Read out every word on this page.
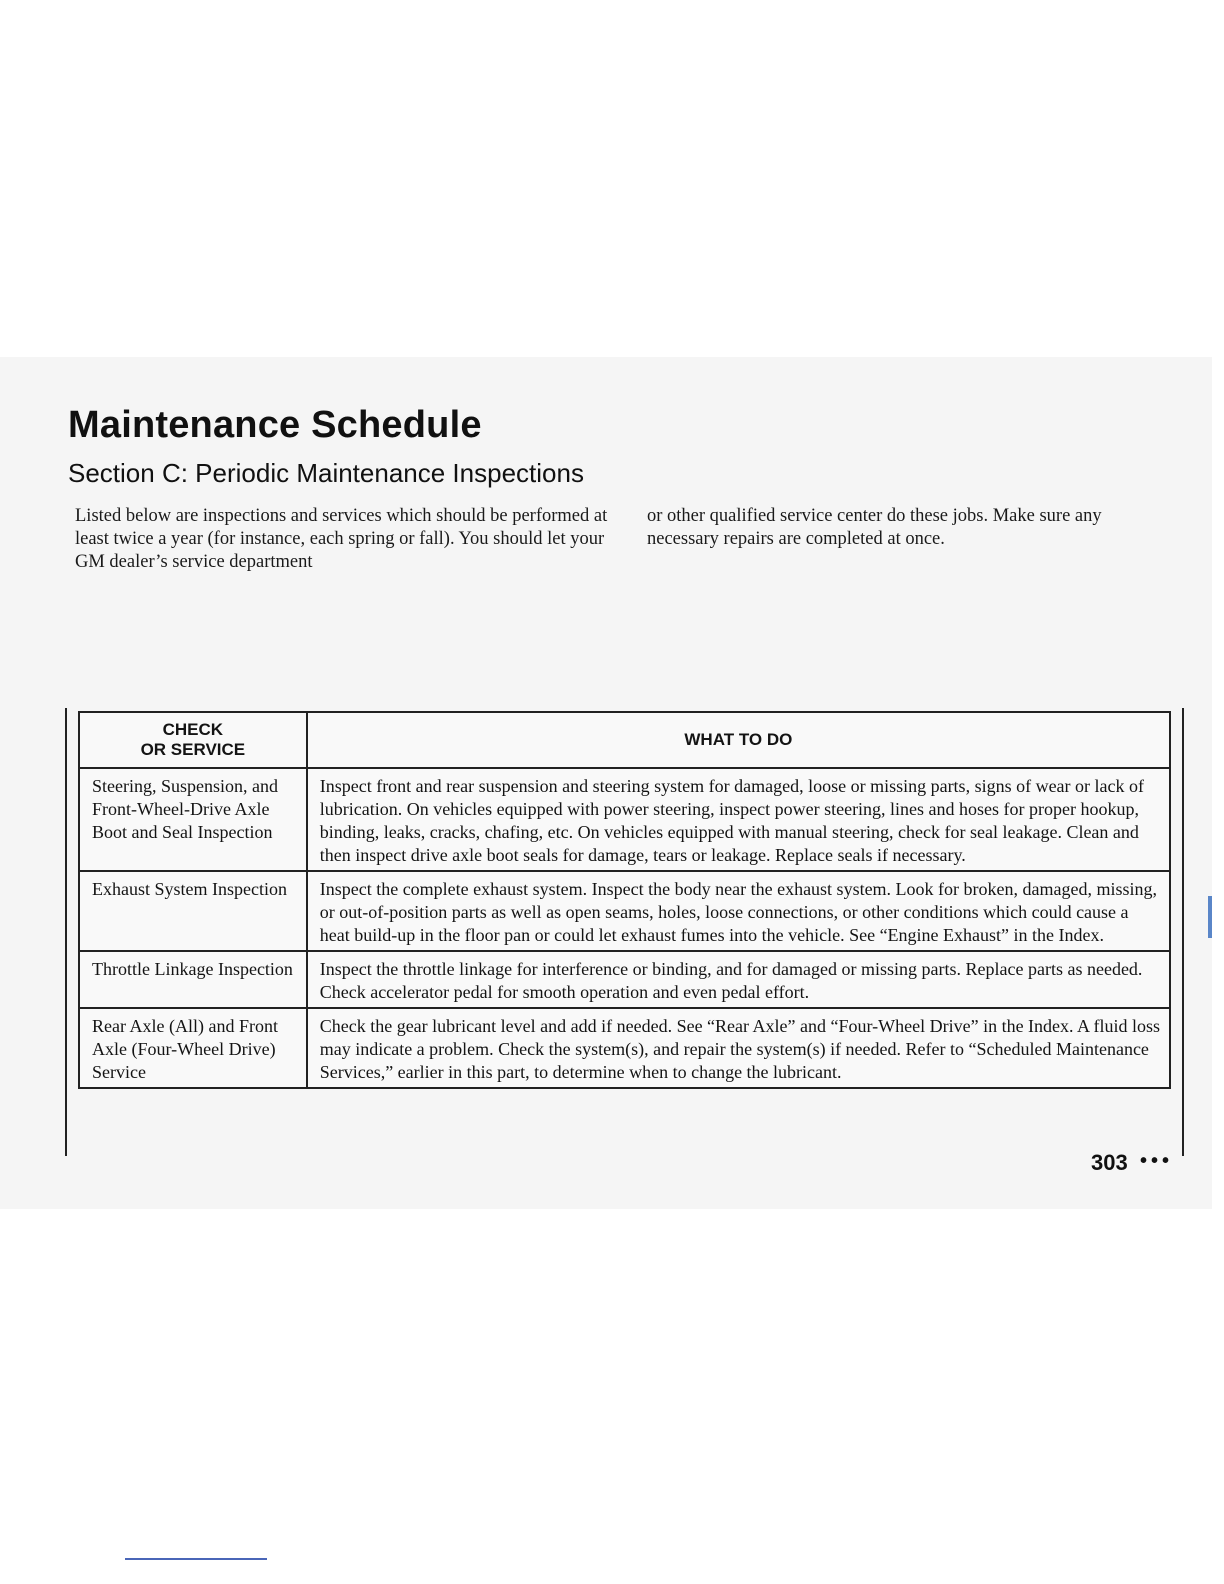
Maintenance Schedule
Section C: Periodic Maintenance Inspections

Listed below are inspections and services which should be performed at least twice a year (for instance, each spring or fall). You should let your GM dealer’s service department

or other qualified service center do these jobs. Make sure any necessary repairs are completed at once.

CHECK
OR SERVICE	WHAT TO DO
Steering, Suspension, and Front-Wheel-Drive Axle Boot and Seal Inspection	Inspect front and rear suspension and steering system for damaged, loose or missing parts, signs of wear or lack of lubrication. On vehicles equipped with power steering, inspect power steering, lines and hoses for proper hookup, binding, leaks, cracks, chafing, etc. On vehicles equipped with manual steering, check for seal leakage. Clean and then inspect drive axle boot seals for damage, tears or leakage. Replace seals if necessary.
Exhaust System Inspection	Inspect the complete exhaust system. Inspect the body near the exhaust system. Look for broken, damaged, missing, or out-of-position parts as well as open seams, holes, loose connections, or other conditions which could cause a heat build-up in the floor pan or could let exhaust fumes into the vehicle. See “Engine Exhaust” in the Index.
Throttle Linkage Inspection	Inspect the throttle linkage for interference or binding, and for damaged or missing parts. Replace parts as needed. Check accelerator pedal for smooth operation and even pedal effort.
Rear Axle (All) and Front Axle (Four-Wheel Drive) Service	Check the gear lubricant level and add if needed. See “Rear Axle” and “Four-Wheel Drive” in the Index. A fluid loss may indicate a problem. Check the system(s), and repair the system(s) if needed. Refer to “Scheduled Maintenance Services,” earlier in this part, to determine when to change the lubricant.
303 •••
